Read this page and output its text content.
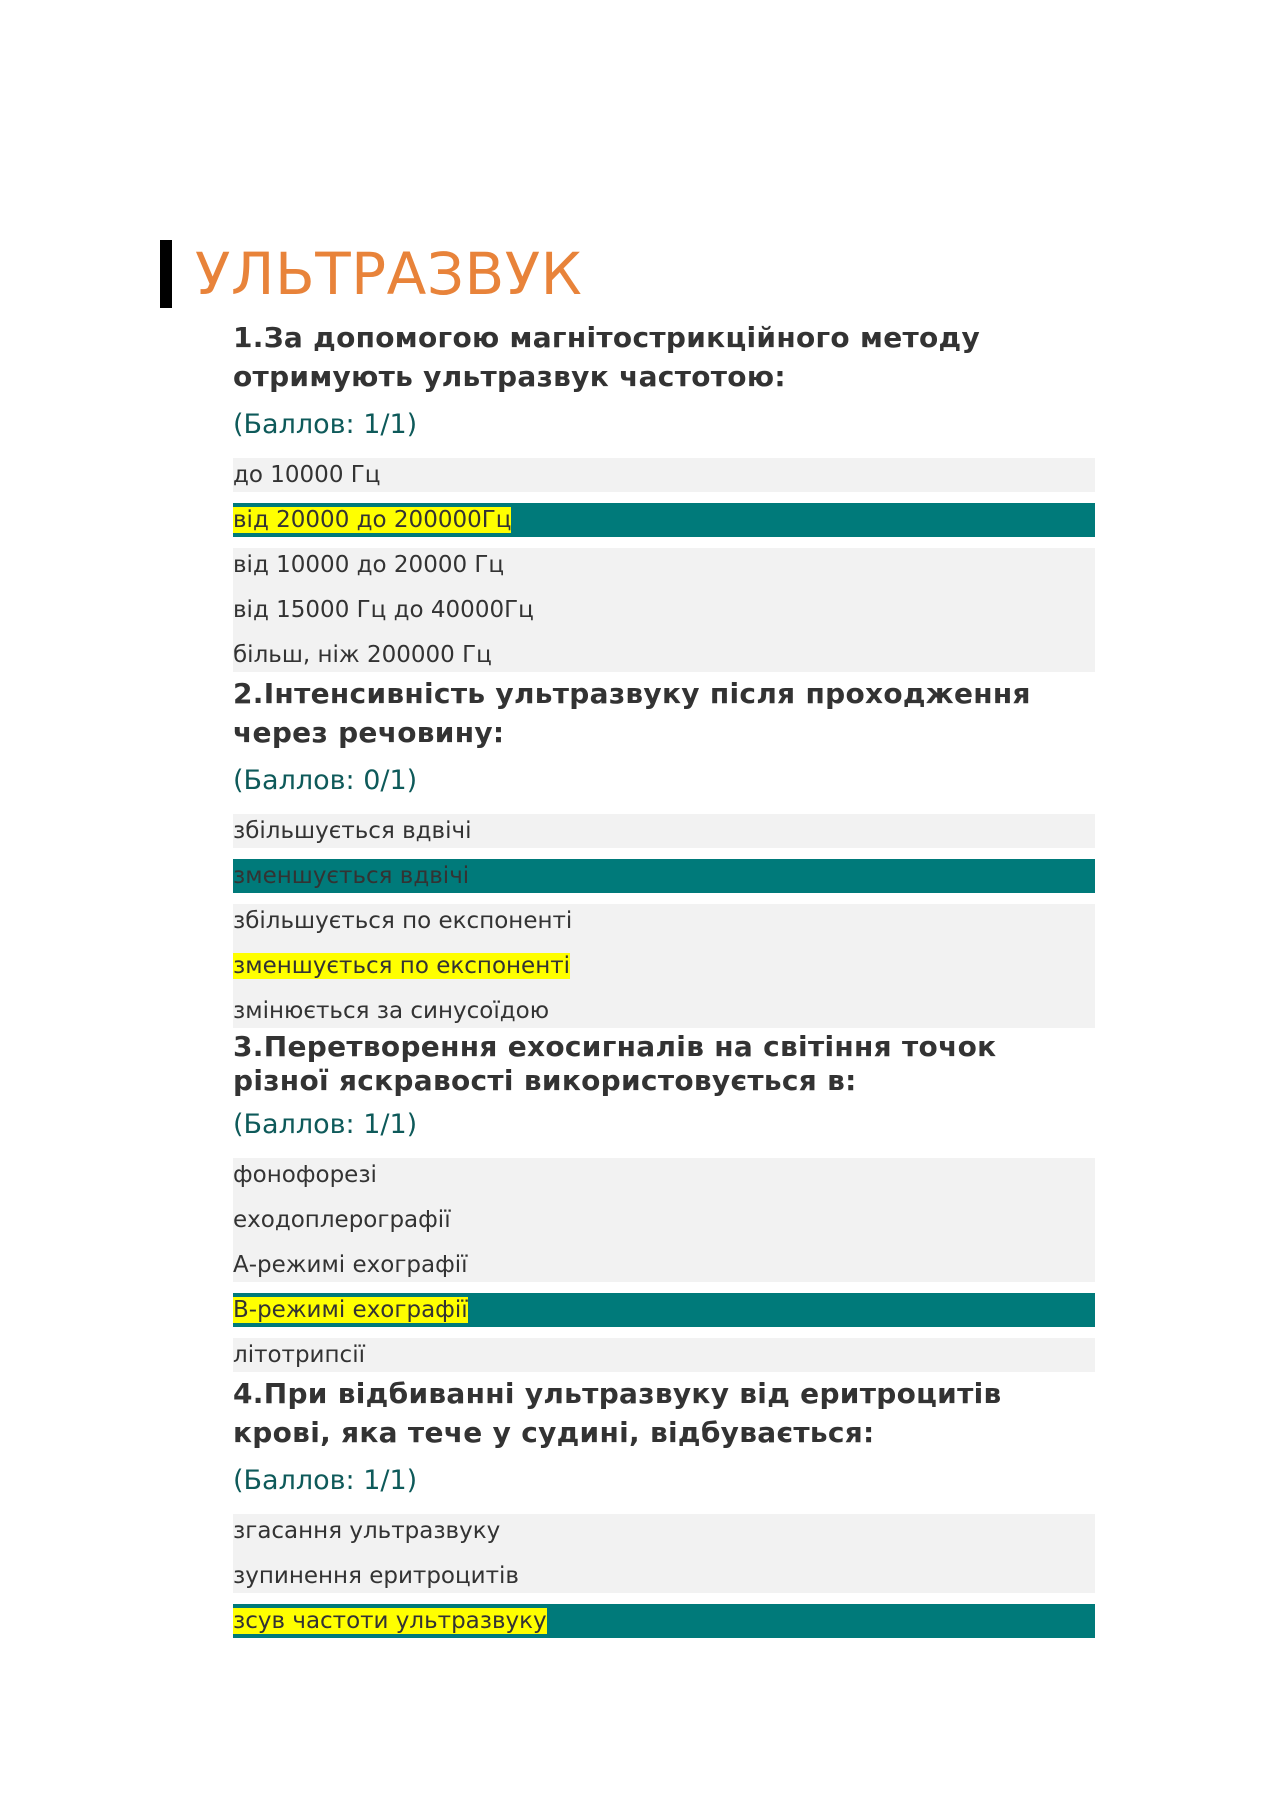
УЛЬТРАЗВУК

1.За допомогою магнітострикційного методу отримують ультразвук частотою:

(Баллов: 1/1)
до 10000 Гц
від 20000 до 200000Гц
від 10000 до 20000 Гц
від 15000 Гц до 40000Гц
більш, ніж 200000 Гц

2.Інтенсивність ультразвуку після проходження через речовину:

(Баллов: 0/1)
збільшується вдвічі
зменшується вдвічі
збільшується по експоненті
зменшується по експоненті
змінюється за синусоїдою

3.Перетворення ехосигналів на світіння точок різної яскравості використовується в:

(Баллов: 1/1)
фонофорезі
еходоплерографії
А-режимі ехографії
В-режимі ехографії
літотрипсії

4.При відбиванні ультразвуку від еритроцитів крові, яка тече у судині, відбувається:

(Баллов: 1/1)
згасання ультразвуку
зупинення еритроцитів
зсув частоти ультразвуку
